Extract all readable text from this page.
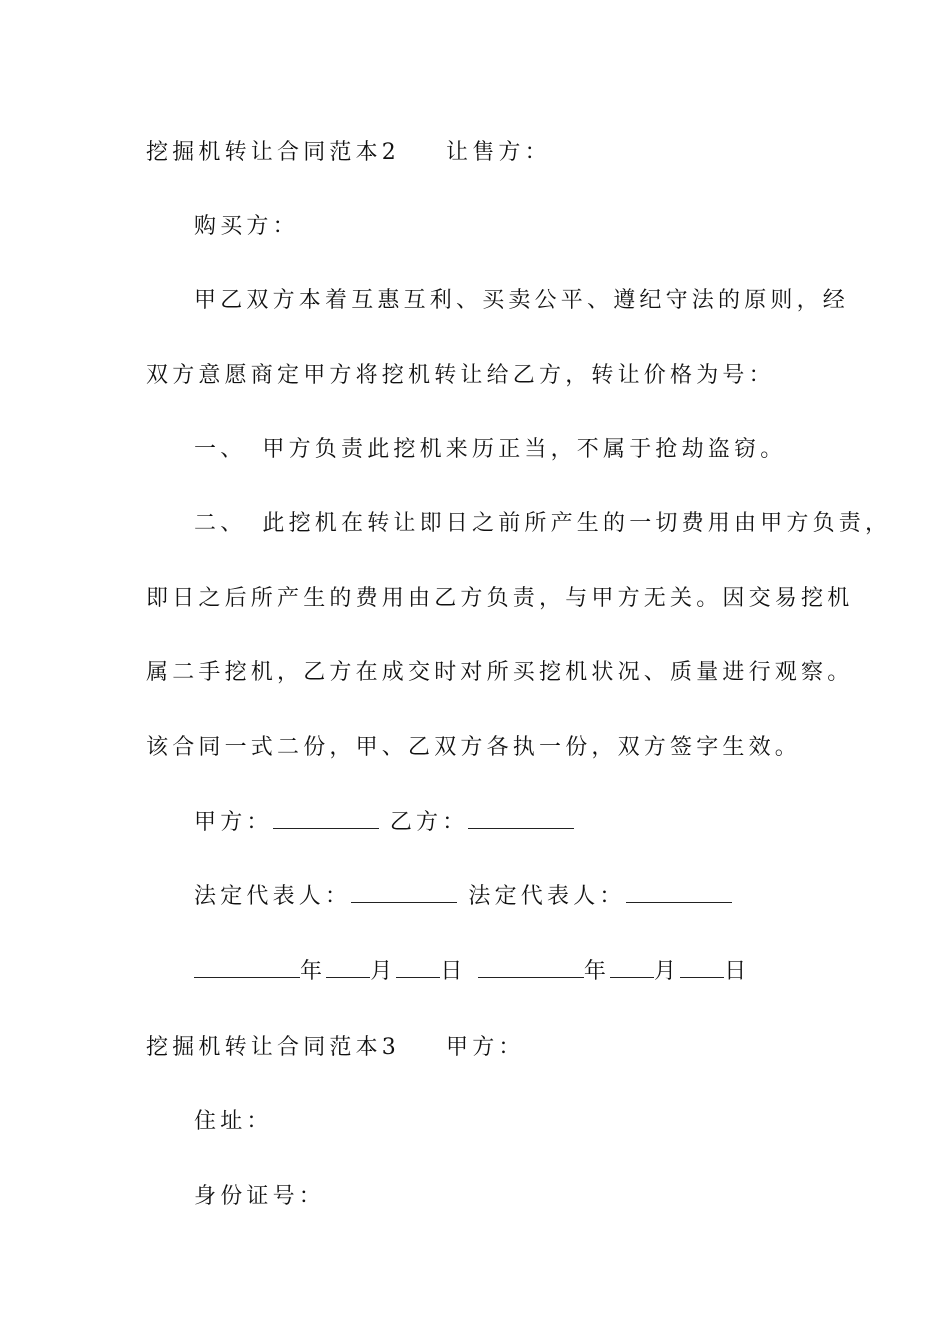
挖掘机转让合同范本2 让售方：
购买方：
甲乙双方本着互惠互利、买卖公平、遵纪守法的原则，经
双方意愿商定甲方将挖机转让给乙方，转让价格为号：
一、 甲方负责此挖机来历正当，不属于抢劫盗窃。
二、 此挖机在转让即日之前所产生的一切费用由甲方负责，
即日之后所产生的费用由乙方负责，与甲方无关。因交易挖机
属二手挖机，乙方在成交时对所买挖机状况、质量进行观察。
该合同一式二份，甲、乙双方各执一份，双方签字生效。
甲方：	乙方：
法定代表人：	法定代表人：
年 月 日	年 月 日
挖掘机转让合同范本3 甲方：
住址：
身份证号：
